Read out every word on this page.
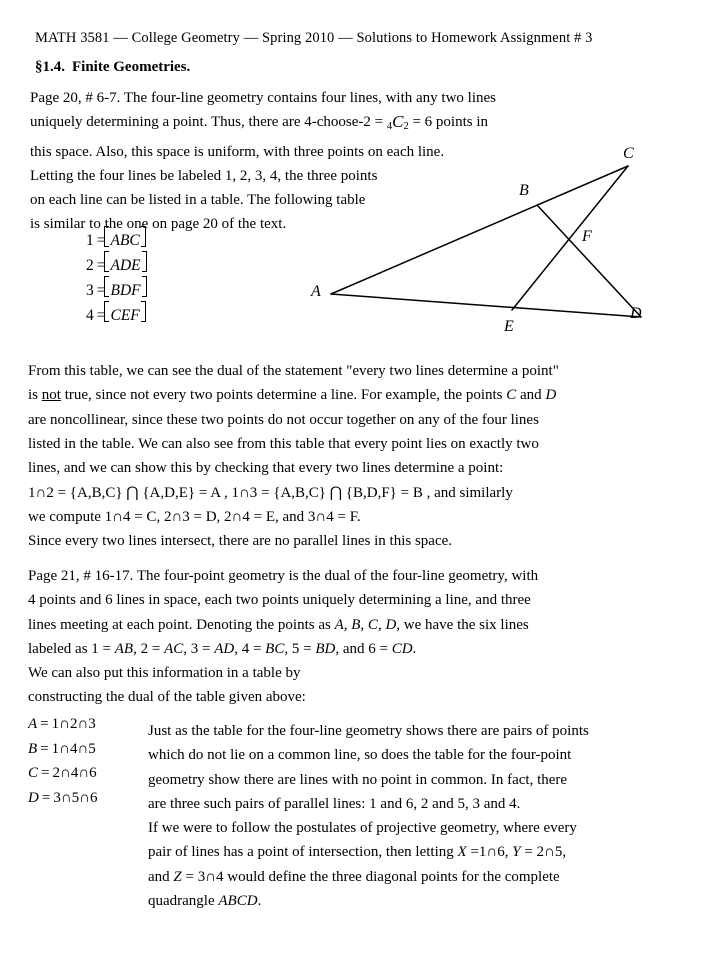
MATH 3581 — College Geometry — Spring 2010 — Solutions to Homework Assignment # 3
§1.4. Finite Geometries.

Page 20, # 6-7. The four-line geometry contains four lines, with any two lines

uniquely determining a point. Thus, there are 4-choose-2 = $_4C_2 = 6$ points in

this space. Also, this space is uniform, with three points on each line.

Letting the four lines be labeled 1, 2, 3, 4, the three points

on each line can be listed in a table. The following table

is similar to the one on page 20 of the text.

1 = ABC
2 = ADE
3 = BDF
4 = CEF
A
B
C
D
E
F

From this table, we can see the dual of the statement "every two lines determine a point"

is not true, since not every two points determine a line. For example, the points C and D

are noncollinear, since these two points do not occur together on any of the four lines

listed in the table. We can also see from this table that every point lies on exactly two

lines, and we can show this by checking that every two lines determine a point:

1∩2 = {A,B,C} ⋂ {A,D,E} = A , 1∩3 = {A,B,C} ⋂ {B,D,F} = B , and similarly
we compute 1∩4 = C, 2∩3 = D, 2∩4 = E, and 3∩4 = F.

Since every two lines intersect, there are no parallel lines in this space.

Page 21, # 16-17. The four-point geometry is the dual of the four-line geometry, with

4 points and 6 lines in space, each two points uniquely determining a line, and three

lines meeting at each point. Denoting the points as A, B, C, D, we have the six lines

labeled as 1 = AB, 2 = AC, 3 = AD, 4 = BC, 5 = BD, and 6 = CD.

We can also put this information in a table by

constructing the dual of the table given above:

A = 1∩2∩3
B = 1∩4∩5
C = 2∩4∩6
D = 3∩5∩6

Just as the table for the four-line geometry shows there are pairs of points

which do not lie on a common line, so does the table for the four-point

geometry show there are lines with no point in common. In fact, there

are three such pairs of parallel lines: 1 and 6, 2 and 5, 3 and 4.

If we were to follow the postulates of projective geometry, where every

pair of lines has a point of intersection, then letting X =1∩6, Y = 2∩5,

and Z = 3∩4 would define the three diagonal points for the complete

quadrangle ABCD.
